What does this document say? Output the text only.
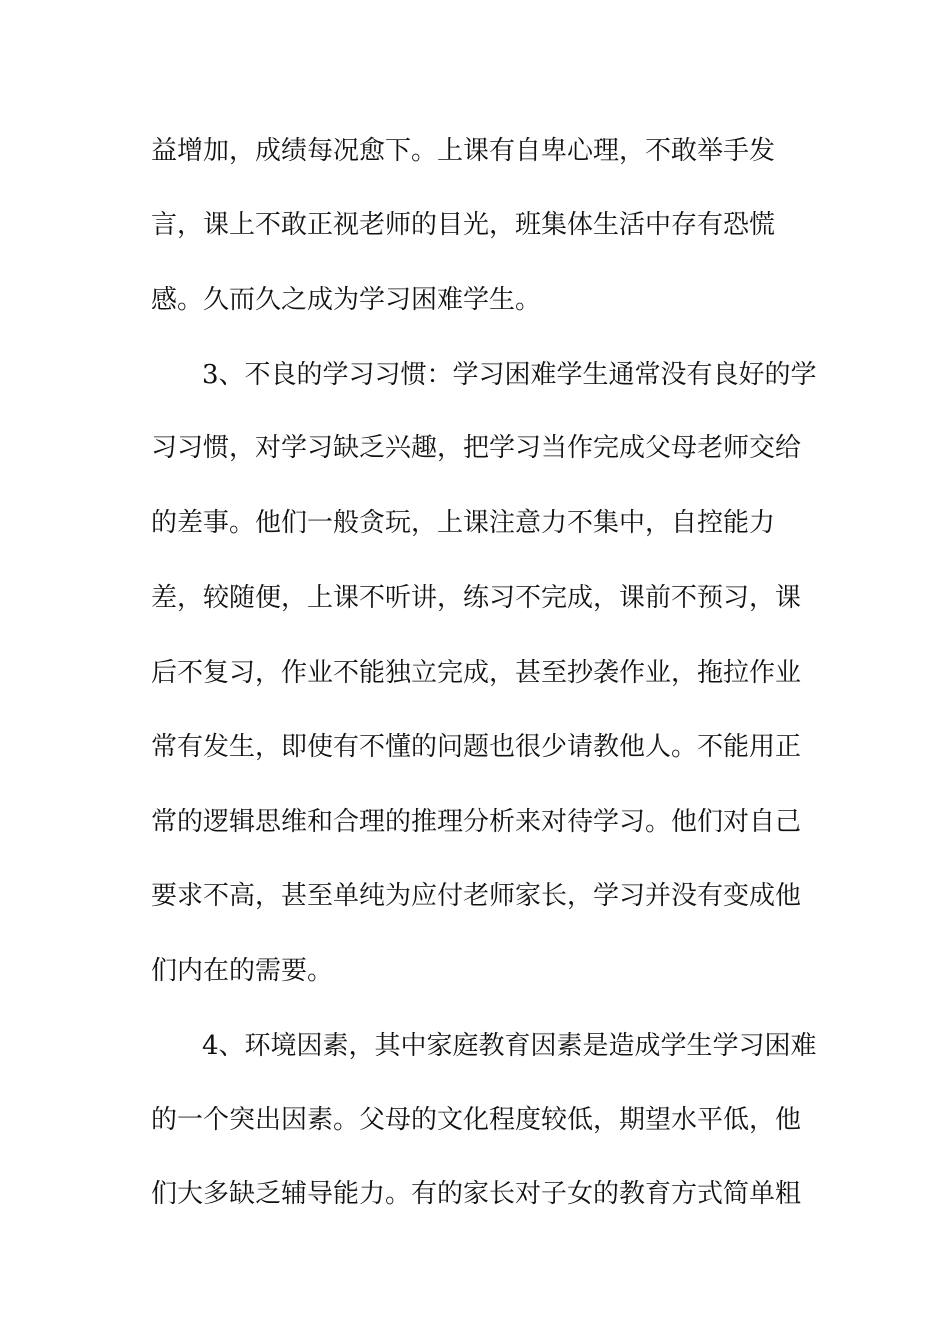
益增加，成绩每况愈下。上课有自卑心理，不敢举手发
言，课上不敢正视老师的目光，班集体生活中存有恐慌
感。久而久之成为学习困难学生。
3、不良的学习习惯：学习困难学生通常没有良好的学
习习惯，对学习缺乏兴趣，把学习当作完成父母老师交给
的差事。他们一般贪玩，上课注意力不集中，自控能力
差，较随便，上课不听讲，练习不完成，课前不预习，课
后不复习，作业不能独立完成，甚至抄袭作业，拖拉作业
常有发生，即使有不懂的问题也很少请教他人。不能用正
常的逻辑思维和合理的推理分析来对待学习。他们对自己
要求不高，甚至单纯为应付老师家长，学习并没有变成他
们内在的需要。
4、环境因素，其中家庭教育因素是造成学生学习困难
的一个突出因素。父母的文化程度较低，期望水平低，他
们大多缺乏辅导能力。有的家长对子女的教育方式简单粗
